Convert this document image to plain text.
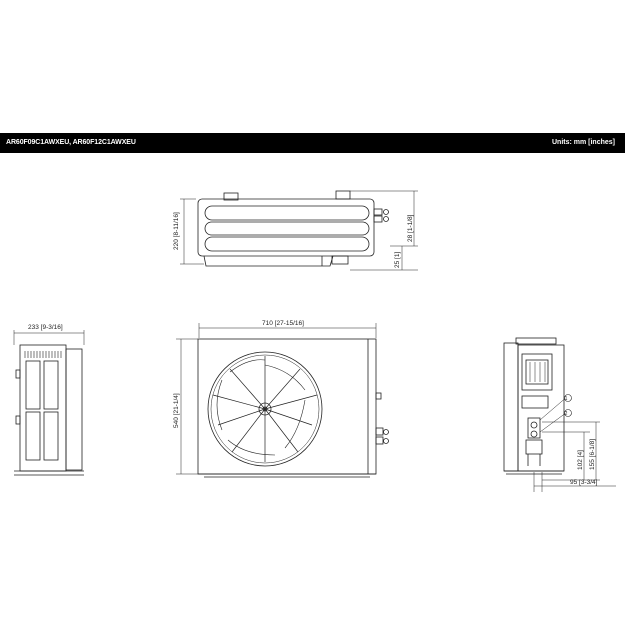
AR60F09C1AWXEU, AR60F12C1AWXEU	Units: mm [inches]
220 [8-11/16]	28 [1-1/8]
25 [1]
233 [9-3/16]
710 [27-15/16]
540 [21-1/4]	1
2
102 [4] 155 [6-1/8]
95 [3-3/4]
